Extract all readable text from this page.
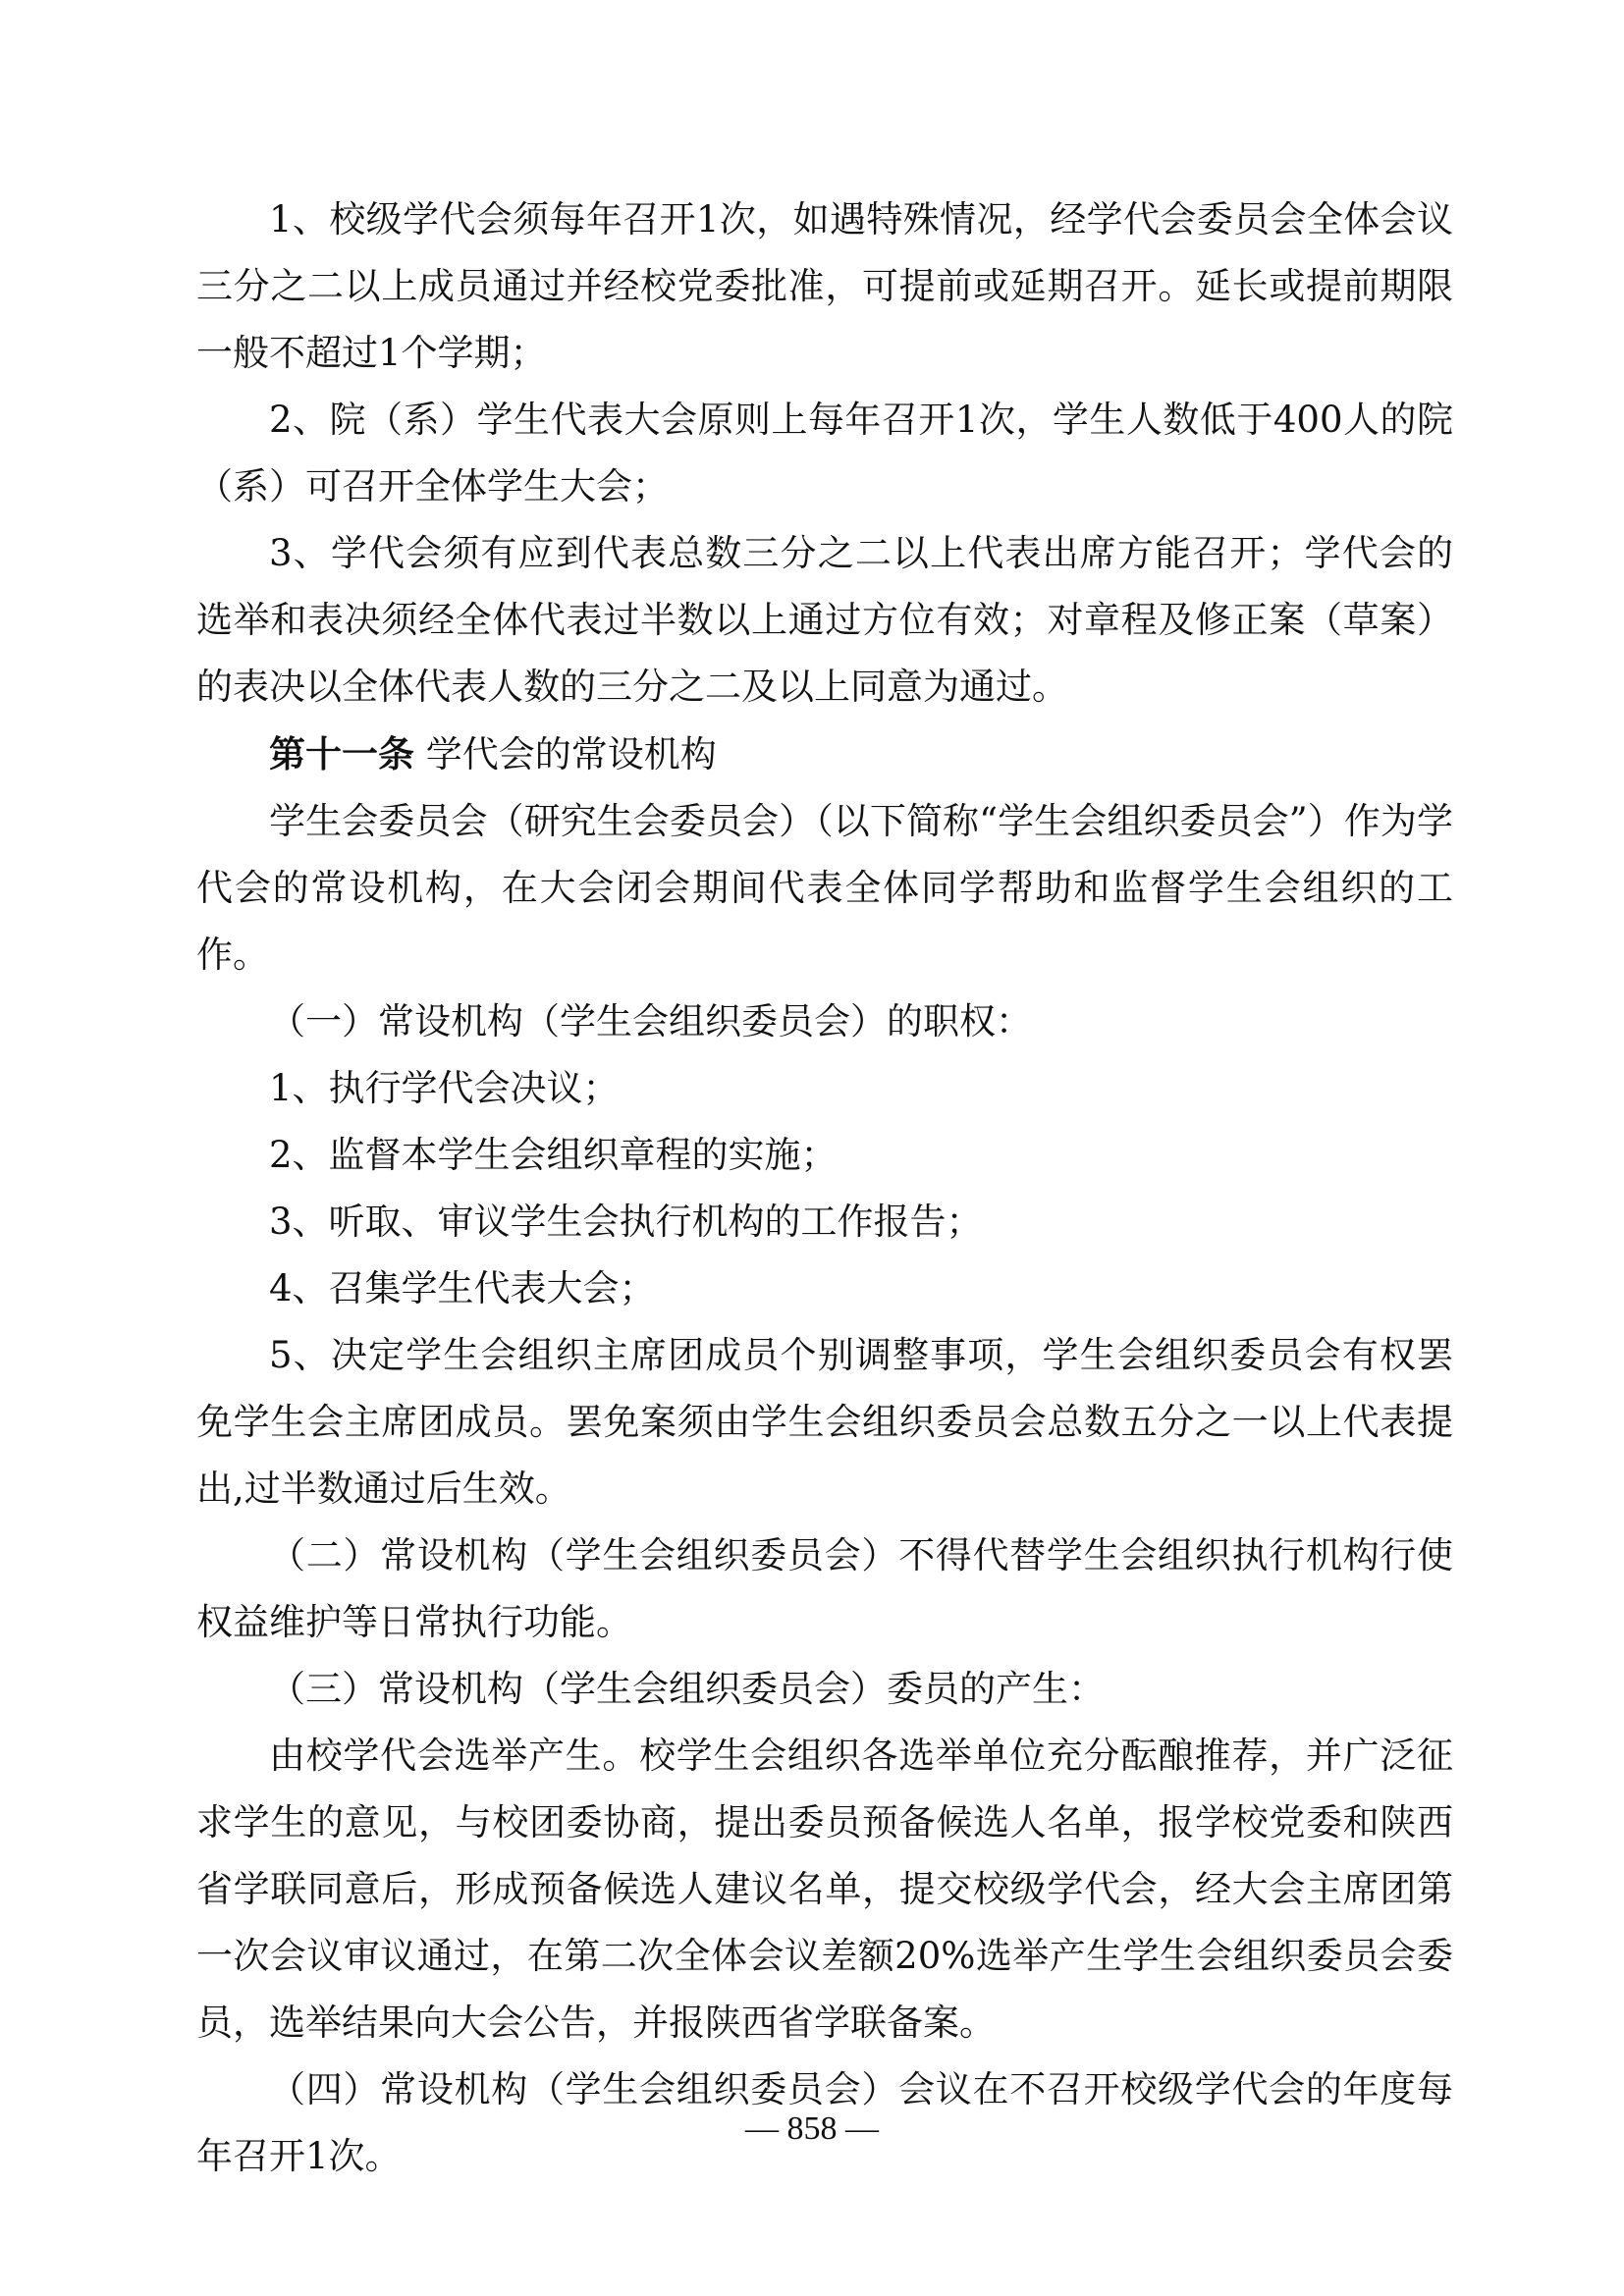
1、校级学代会须每年召开1次，如遇特殊情况，经学代会委员会全体会议三分之二以上成员通过并经校党委批准，可提前或延期召开。延长或提前期限一般不超过1个学期；

2、院（系）学生代表大会原则上每年召开1次，学生人数低于400人的院（系）可召开全体学生大会；

3、学代会须有应到代表总数三分之二以上代表出席方能召开；学代会的选举和表决须经全体代表过半数以上通过方位有效；对章程及修正案（草案）的表决以全体代表人数的三分之二及以上同意为通过。

第十一条 学代会的常设机构

学生会委员会（研究生会委员会）（以下简称“学生会组织委员会”）作为学代会的常设机构，在大会闭会期间代表全体同学帮助和监督学生会组织的工作。

（一）常设机构（学生会组织委员会）的职权：

1、执行学代会决议；

2、监督本学生会组织章程的实施；

3、听取、审议学生会执行机构的工作报告；

4、召集学生代表大会；

5、决定学生会组织主席团成员个别调整事项，学生会组织委员会有权罢免学生会主席团成员。罢免案须由学生会组织委员会总数五分之一以上代表提出,过半数通过后生效。

（二）常设机构（学生会组织委员会）不得代替学生会组织执行机构行使权益维护等日常执行功能。

（三）常设机构（学生会组织委员会）委员的产生：

由校学代会选举产生。校学生会组织各选举单位充分酝酿推荐，并广泛征求学生的意见，与校团委协商，提出委员预备候选人名单，报学校党委和陕西省学联同意后，形成预备候选人建议名单，提交校级学代会，经大会主席团第一次会议审议通过，在第二次全体会议差额20%选举产生学生会组织委员会委员，选举结果向大会公告，并报陕西省学联备案。

（四）常设机构（学生会组织委员会）会议在不召开校级学代会的年度每年召开1次。

— 858 —
